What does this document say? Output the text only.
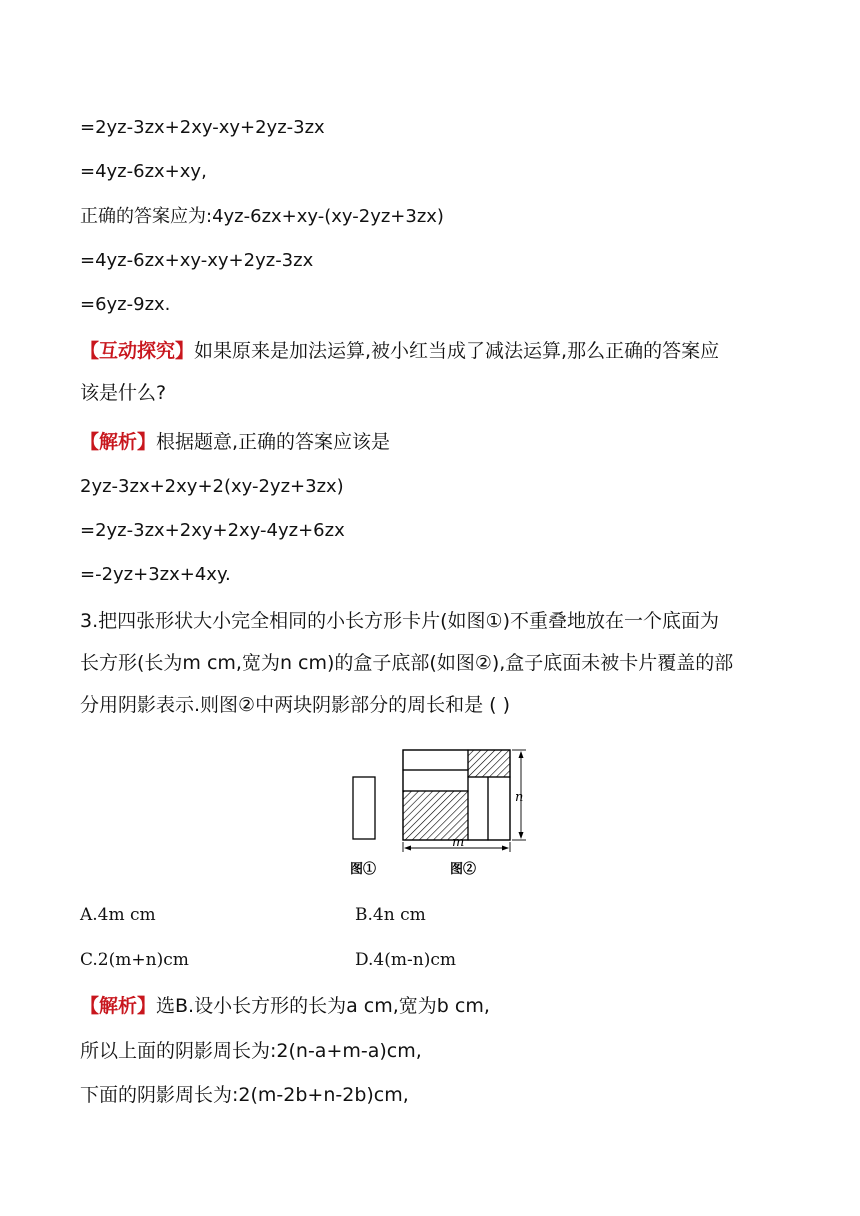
=2yz-3zx+2xy-xy+2yz-3zx
=4yz-6zx+xy,
正确的答案应为:4yz-6zx+xy-(xy-2yz+3zx)
=4yz-6zx+xy-xy+2yz-3zx
=6yz-9zx.
【互动探究】如果原来是加法运算,被小红当成了减法运算,那么正确的答案应
该是什么?
【解析】根据题意,正确的答案应该是
2yz-3zx+2xy+2(xy-2yz+3zx)
=2yz-3zx+2xy+2xy-4yz+6zx
=-2yz+3zx+4xy.
3.把四张形状大小完全相同的小长方形卡片(如图①)不重叠地放在一个底面为
长方形(长为m cm,宽为n cm)的盒子底部(如图②),盒子底面未被卡片覆盖的部
分用阴影表示.则图②中两块阴影部分的周长和是 ( )
n
m
图①	图②
A.4m cm	B.4n cm
C.2(m+n)cm	D.4(m-n)cm
【解析】选B.设小长方形的长为a cm,宽为b cm,
所以上面的阴影周长为:2(n-a+m-a)cm,
下面的阴影周长为:2(m-2b+n-2b)cm,
